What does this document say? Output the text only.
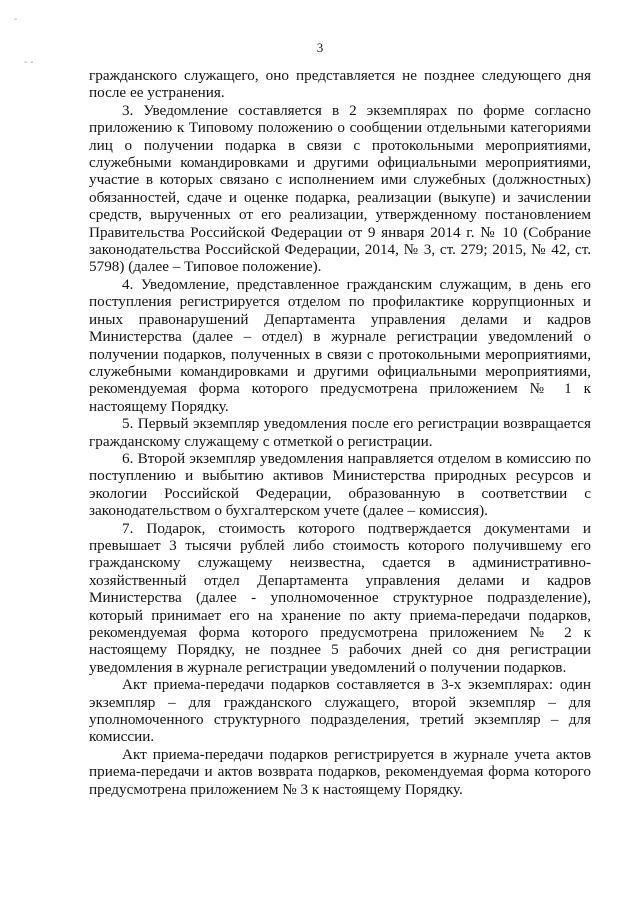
-
- -
3

гражданского служащего, оно представляется не позднее следующего дня после ее устранения.

3. Уведомление составляется в 2 экземплярах по форме согласно приложению к Типовому положению о сообщении отдельными категориями лиц о получении подарка в связи с протокольными мероприятиями, служебными командировками и другими официальными мероприятиями, участие в которых связано с исполнением ими служебных (должностных) обязанностей, сдаче и оценке подарка, реализации (выкупе) и зачислении средств, вырученных от его реализации, утвержденному постановлением Правительства Российской Федерации от 9 января 2014 г. № 10 (Собрание законодательства Российской Федерации, 2014, № 3, ст. 279; 2015, № 42, ст. 5798) (далее – Типовое положение).

4. Уведомление, представленное гражданским служащим, в день его поступления регистрируется отделом по профилактике коррупционных и иных правонарушений Департамента управления делами и кадров Министерства (далее – отдел) в журнале регистрации уведомлений о получении подарков, полученных в связи с протокольными мероприятиями, служебными командировками и другими официальными мероприятиями, рекомендуемая форма которого предусмотрена приложением № 1 к настоящему Порядку.

5. Первый экземпляр уведомления после его регистрации возвращается гражданскому служащему с отметкой о регистрации.

6. Второй экземпляр уведомления направляется отделом в комиссию по поступлению и выбытию активов Министерства природных ресурсов и экологии Российской Федерации, образованную в соответствии с законодательством о бухгалтерском учете (далее – комиссия).

7. Подарок, стоимость которого подтверждается документами и превышает 3 тысячи рублей либо стоимость которого получившему его гражданскому служащему неизвестна, сдается в административно-хозяйственный отдел Департамента управления делами и кадров Министерства (далее - уполномоченное структурное подразделение), который принимает его на хранение по акту приема-передачи подарков, рекомендуемая форма которого предусмотрена приложением № 2 к настоящему Порядку, не позднее 5 рабочих дней со дня регистрации уведомления в журнале регистрации уведомлений о получении подарков.

Акт приема-передачи подарков составляется в 3-х экземплярах: один экземпляр – для гражданского служащего, второй экземпляр – для уполномоченного структурного подразделения, третий экземпляр – для комиссии.

Акт приема-передачи подарков регистрируется в журнале учета актов приема-передачи и актов возврата подарков, рекомендуемая форма которого предусмотрена приложением № 3 к настоящему Порядку.
